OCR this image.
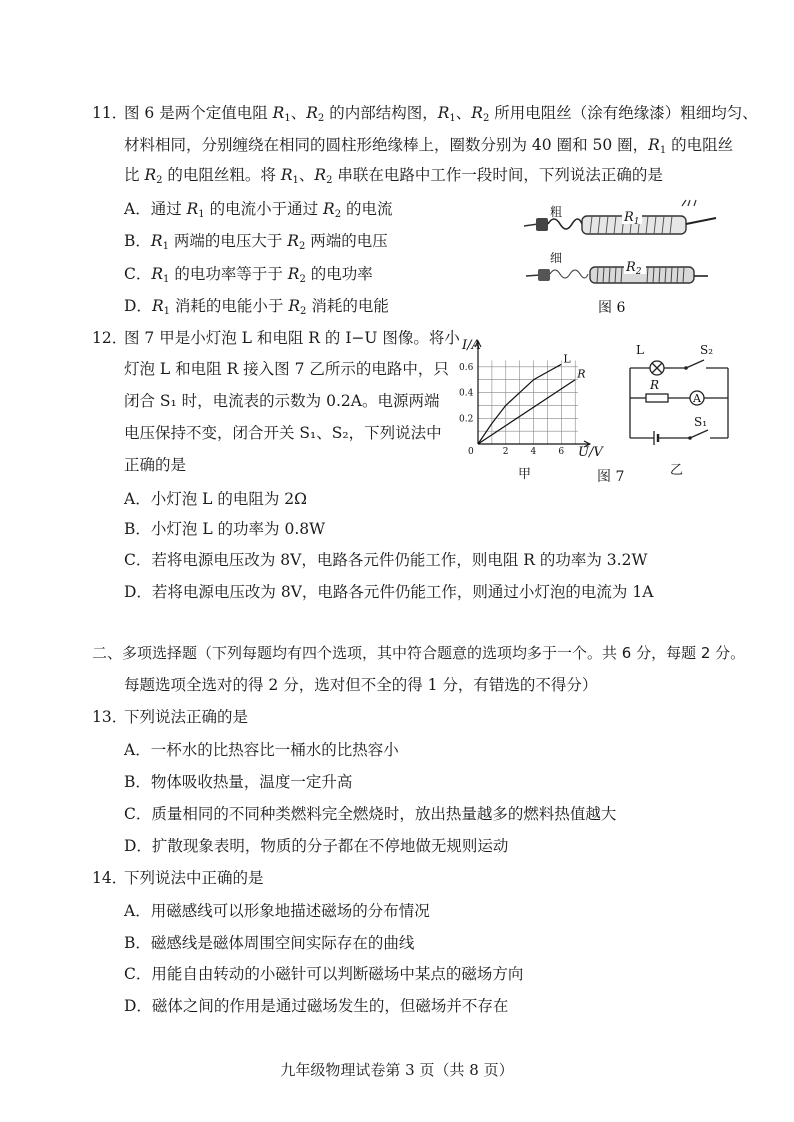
11．
图 6 是两个定值电阻 $R_1$、$R_2$ 的内部结构图，$R_1$、$R_2$ 所用电阻丝（涂有绝缘漆）粗细均匀、
材料相同，分别缠绕在相同的圆柱形绝缘棒上，圈数分别为 40 圈和 50 圈，$R_1$ 的电阻丝
比 $R_2$ 的电阻丝粗。将 $R_1$、$R_2$ 串联在电路中工作一段时间，下列说法正确的是
A．通过 $R_1$ 的电流小于通过 $R_2$ 的电流
B．$R_1$ 两端的电压大于 $R_2$ 两端的电压
C．$R_1$ 的电功率等于于 $R_2$ 的电功率
D．$R_1$ 消耗的电能小于 $R_2$ 消耗的电能
粗	$R_1$
细
$R_2$
图 6
12．
图 7 甲是小灯泡 L 和电阻 R 的 I−U 图像。将小
灯泡 L 和电阻 R 接入图 7 乙所示的电路中，只
闭合 S₁ 时，电流表的示数为 0.2A。电源两端
电压保持不变，闭合开关 S₁、S₂，下列说法中
正确的是
A．小灯泡 L 的电阻为 2Ω
B．小灯泡 L 的功率为 0.8W
C．若将电源电压改为 8V，电路各元件仍能工作，则电阻 R 的功率为 3.2W
D．若将电源电压改为 8V，电路各元件仍能工作，则通过小灯泡的电流为 1A
0	2 4 6
0.2
0.4
0.6
L
R
I/A
U/V
甲	图 7
L	S₂
R
A
S₁
乙
二、多项选择题（下列每题均有四个选项，其中符合题意的选项均多于一个。共 6 分，每题 2 分。
每题选项全选对的得 2 分，选对但不全的得 1 分，有错选的不得分）
13．
下列说法正确的是
A．一杯水的比热容比一桶水的比热容小
B．物体吸收热量，温度一定升高
C．质量相同的不同种类燃料完全燃烧时，放出热量越多的燃料热值越大
D．扩散现象表明，物质的分子都在不停地做无规则运动
14．
下列说法中正确的是
A．用磁感线可以形象地描述磁场的分布情况
B．磁感线是磁体周围空间实际存在的曲线
C．用能自由转动的小磁针可以判断磁场中某点的磁场方向
D．磁体之间的作用是通过磁场发生的，但磁场并不存在
九年级物理试卷第 3 页（共 8 页）
